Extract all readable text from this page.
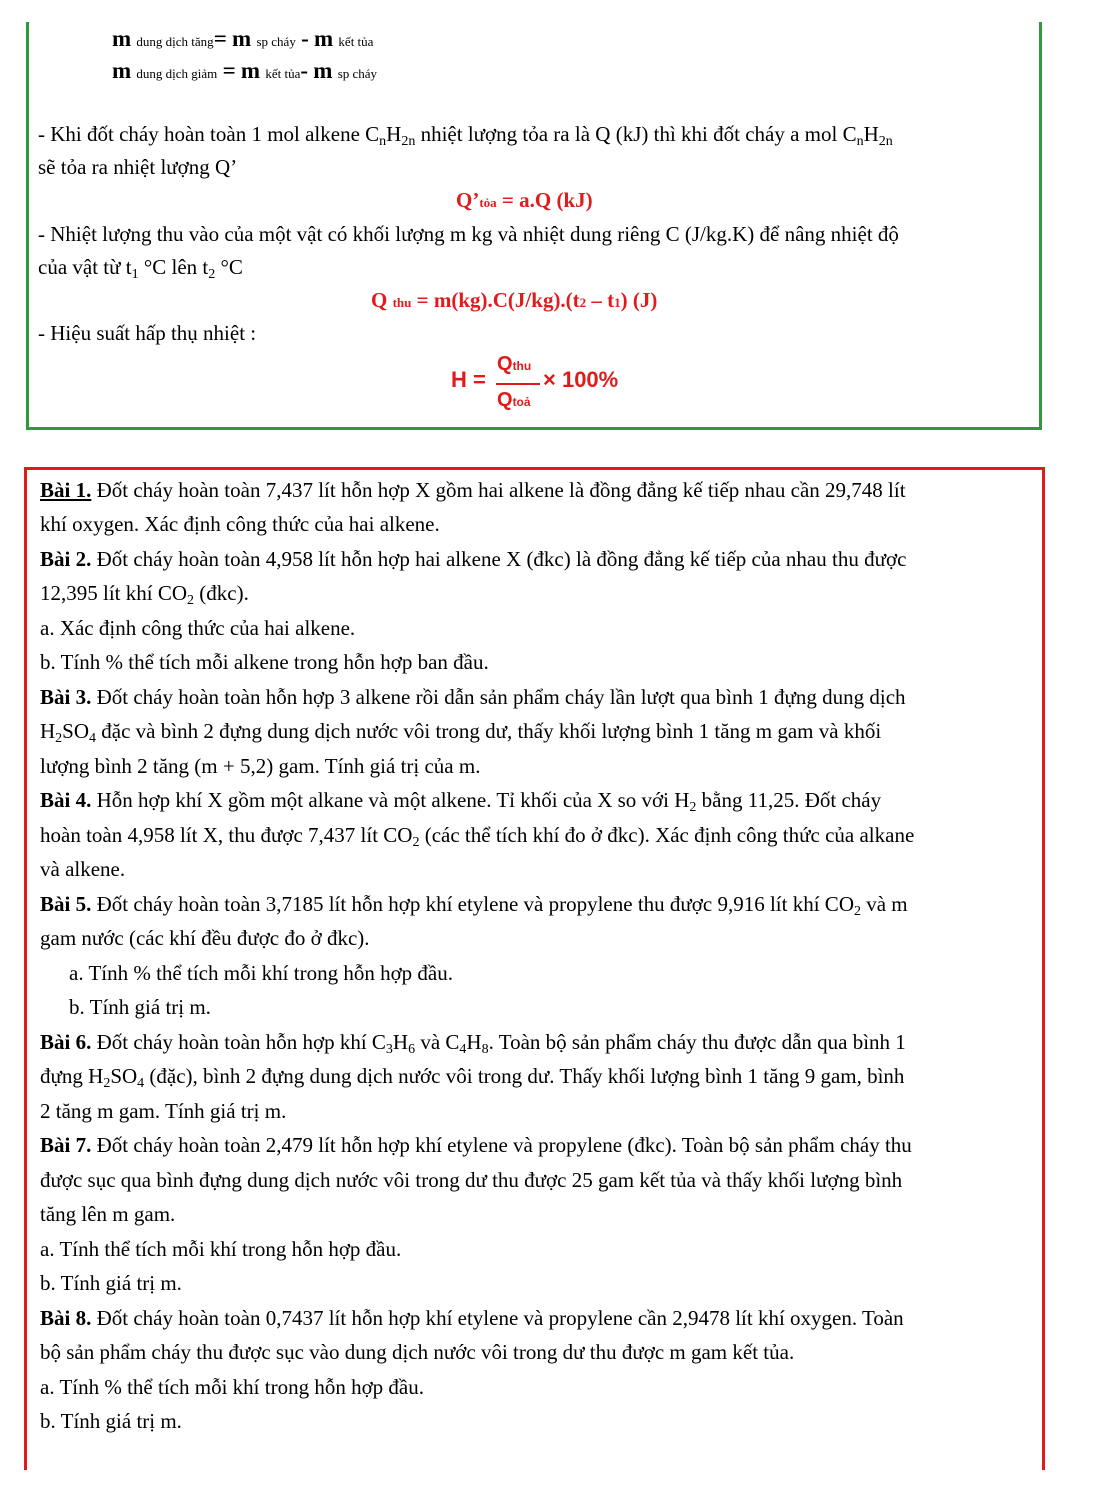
m dung dịch tăng= m sp cháy - m kết tủa
m dung dịch giảm = m kết tủa- m sp cháy
- Khi đốt cháy hoàn toàn 1 mol alkene CnH2n nhiệt lượng tỏa ra là Q (kJ) thì khi đốt cháy a mol CnH2n
sẽ tỏa ra nhiệt lượng Q’
Q’tỏa = a.Q (kJ)
- Nhiệt lượng thu vào của một vật có khối lượng m kg và nhiệt dung riêng C (J/kg.K) để nâng nhiệt độ
của vật từ t1 °C lên t2 °C
Q thu = m(kg).C(J/kg).(t2 – t1) (J)
- Hiệu suất hấp thụ nhiệt :
H =
Qthu
Qtoả
× 100%
Bài 1. Đốt cháy hoàn toàn 7,437 lít hỗn hợp X gồm hai alkene là đồng đẳng kế tiếp nhau cần 29,748 lít
khí oxygen. Xác định công thức của hai alkene.
Bài 2. Đốt cháy hoàn toàn 4,958 lít hỗn hợp hai alkene X (đkc) là đồng đẳng kế tiếp của nhau thu được
12,395 lít khí CO2 (đkc).
a. Xác định công thức của hai alkene.
b. Tính % thể tích mỗi alkene trong hỗn hợp ban đầu.
Bài 3. Đốt cháy hoàn toàn hỗn hợp 3 alkene rồi dẫn sản phẩm cháy lần lượt qua bình 1 đựng dung dịch
H2SO4 đặc và bình 2 đựng dung dịch nước vôi trong dư, thấy khối lượng bình 1 tăng m gam và khối
lượng bình 2 tăng (m + 5,2) gam. Tính giá trị của m.
Bài 4. Hỗn hợp khí X gồm một alkane và một alkene. Tỉ khối của X so với H2 bằng 11,25. Đốt cháy
hoàn toàn 4,958 lít X, thu được 7,437 lít CO2 (các thể tích khí đo ở đkc). Xác định công thức của alkane
và alkene.
Bài 5. Đốt cháy hoàn toàn 3,7185 lít hỗn hợp khí etylene và propylene thu được 9,916 lít khí CO2 và m
gam nước (các khí đều được đo ở đkc).
a. Tính % thể tích mỗi khí trong hỗn hợp đầu.
b. Tính giá trị m.
Bài 6. Đốt cháy hoàn toàn hỗn hợp khí C3H6 và C4H8. Toàn bộ sản phẩm cháy thu được dẫn qua bình 1
đựng H2SO4 (đặc), bình 2 đựng dung dịch nước vôi trong dư. Thấy khối lượng bình 1 tăng 9 gam, bình
2 tăng m gam. Tính giá trị m.
Bài 7. Đốt cháy hoàn toàn 2,479 lít hỗn hợp khí etylene và propylene (đkc). Toàn bộ sản phẩm cháy thu
được sục qua bình đựng dung dịch nước vôi trong dư thu được 25 gam kết tủa và thấy khối lượng bình
tăng lên m gam.
a. Tính thể tích mỗi khí trong hỗn hợp đầu.
b. Tính giá trị m.
Bài 8. Đốt cháy hoàn toàn 0,7437 lít hỗn hợp khí etylene và propylene cần 2,9478 lít khí oxygen. Toàn
bộ sản phẩm cháy thu được sục vào dung dịch nước vôi trong dư thu được m gam kết tủa.
a. Tính % thể tích mỗi khí trong hỗn hợp đầu.
b. Tính giá trị m.
